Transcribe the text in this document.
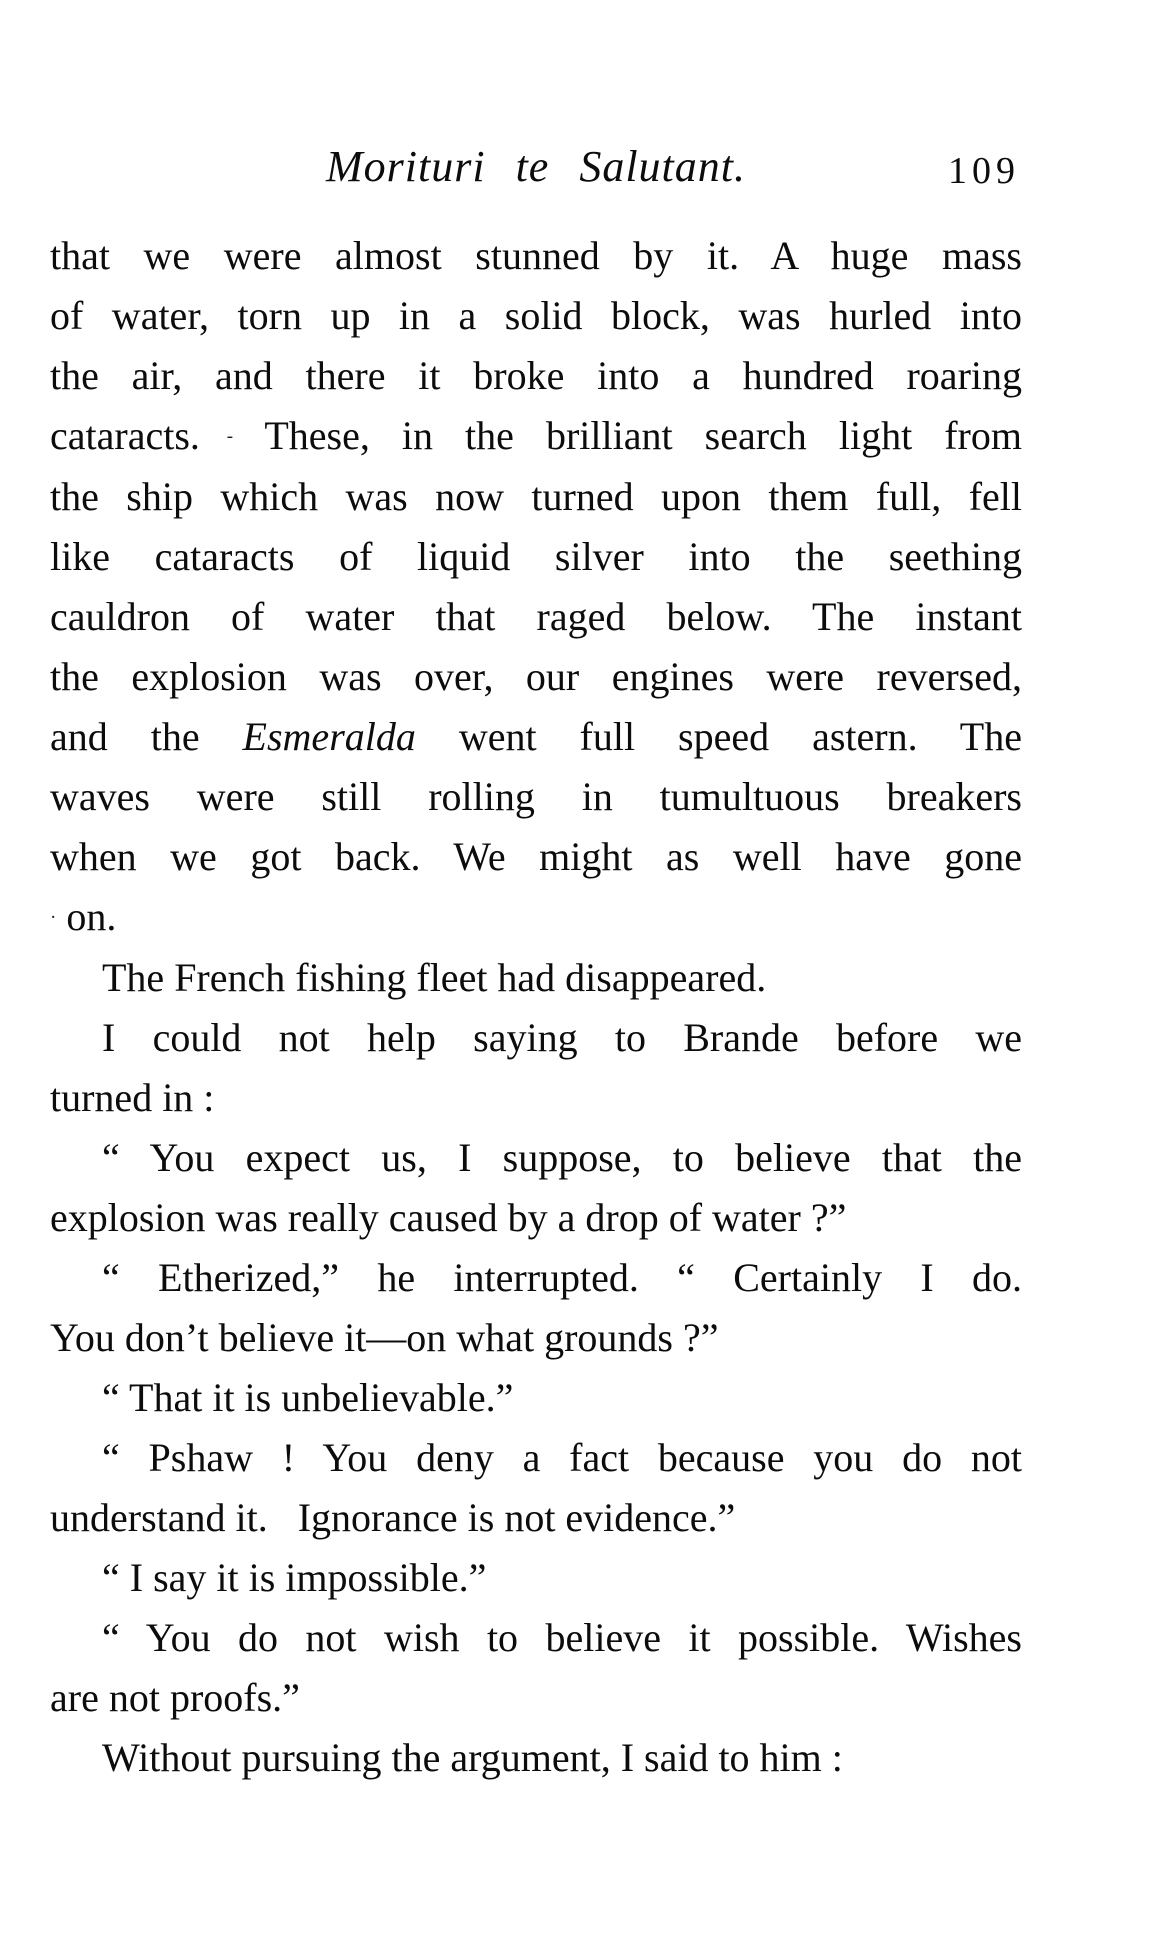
Morituri te Salutant.	109
that we were almost stunned by it. A huge mass
of water, torn up in a solid block, was hurled into
the air, and there it broke into a hundred roaring
cataracts. - These, in the brilliant search light from
the ship which was now turned upon them full, fell
like cataracts of liquid silver into the seething
cauldron of water that raged below. The instant
the explosion was over, our engines were reversed,
and the Esmeralda went full speed astern. The
waves were still rolling in tumultuous breakers
when we got back. We might as well have gone
· on.
The French fishing fleet had disappeared.
I could not help saying to Brande before we
turned in :
“ You expect us, I suppose, to believe that the
explosion was really caused by a drop of water ?”
“ Etherized,” he interrupted. “ Certainly I do.
You don’t believe it—on what grounds ?”
“ That it is unbelievable.”
“ Pshaw ! You deny a fact because you do not
understand it.   Ignorance is not evidence.”
“ I say it is impossible.”
“ You do not wish to believe it possible. Wishes
are not proofs.”
Without pursuing the argument, I said to him :
